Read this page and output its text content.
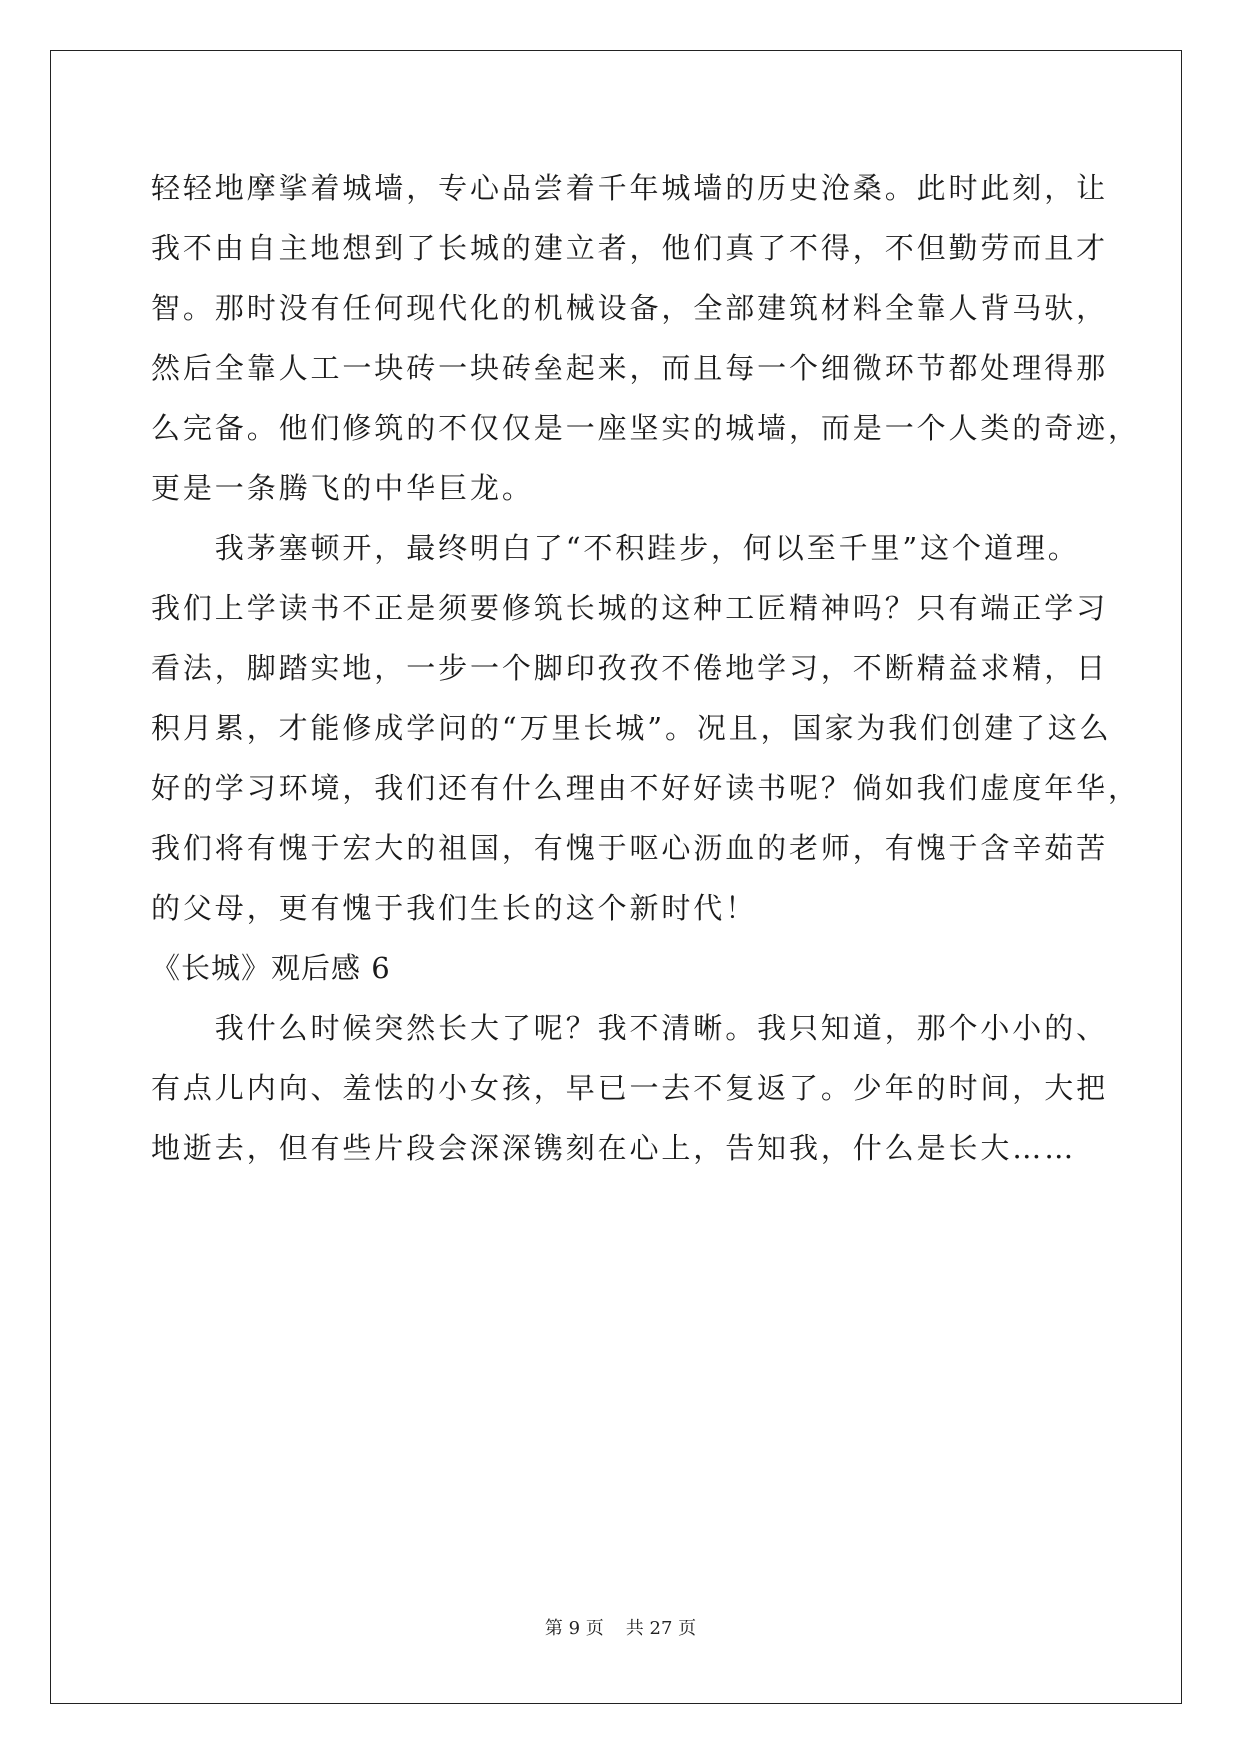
轻轻地摩挲着城墙，专心品尝着千年城墙的历史沧桑。此时此刻，让
我不由自主地想到了长城的建立者，他们真了不得，不但勤劳而且才
智。那时没有任何现代化的机械设备，全部建筑材料全靠人背马驮，
然后全靠人工一块砖一块砖垒起来，而且每一个细微环节都处理得那
么完备。他们修筑的不仅仅是一座坚实的城墙，而是一个人类的奇迹，
更是一条腾飞的中华巨龙。
　　我茅塞顿开，最终明白了“不积跬步，何以至千里”这个道理。
我们上学读书不正是须要修筑长城的这种工匠精神吗？只有端正学习
看法，脚踏实地，一步一个脚印孜孜不倦地学习，不断精益求精，日
积月累，才能修成学问的“万里长城”。况且，国家为我们创建了这么
好的学习环境，我们还有什么理由不好好读书呢？倘如我们虚度年华，
我们将有愧于宏大的祖国，有愧于呕心沥血的老师，有愧于含辛茹苦
的父母，更有愧于我们生长的这个新时代！
《长城》观后感 6
　　我什么时候突然长大了呢？我不清晰。我只知道，那个小小的、
有点儿内向、羞怯的小女孩，早已一去不复返了。少年的时间，大把
地逝去，但有些片段会深深镌刻在心上，告知我，什么是长大……
第 9 页 共 27 页
